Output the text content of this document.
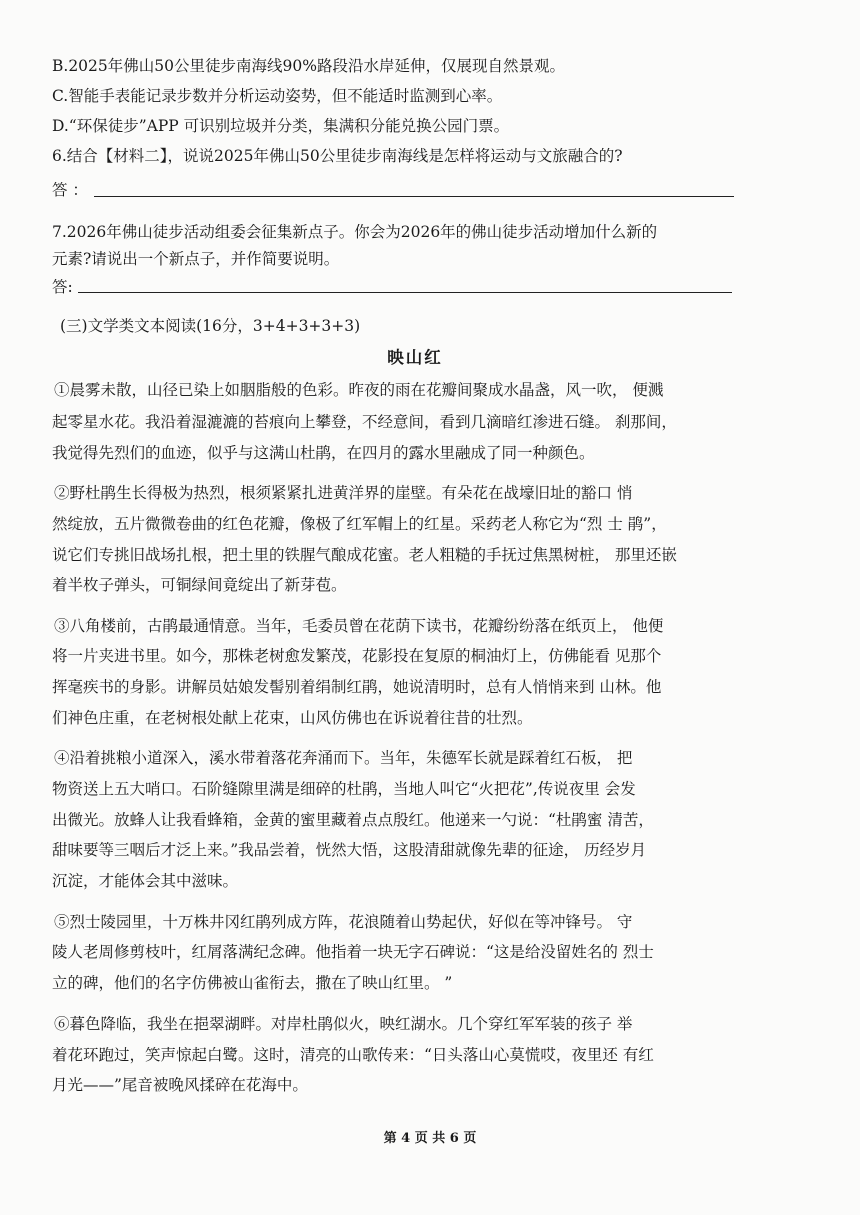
B.2025年佛山50公里徒步南海线90%路段沿水岸延伸，仅展现自然景观。
C.智能手表能记录步数并分析运动姿势，但不能适时监测到心率。
D.“环保徒步”APP 可识别垃圾并分类，集满积分能兑换公园门票。
6.结合【材料二】，说说2025年佛山50公里徒步南海线是怎样将运动与文旅融合的?
答 ：
7.2026年佛山徒步活动组委会征集新点子。你会为2026年的佛山徒步活动增加什么新的
元素?请说出一个新点子，并作简要说明。
答:
(三)文学类文本阅读(16分，3+4+3+3+3)
映山红
①晨雾未散，山径已染上如胭脂般的色彩。昨夜的雨在花瓣间聚成水晶盏，风一吹， 便溅
起零星水花。我沿着湿漉漉的苔痕向上攀登，不经意间，看到几滴暗红渗进石缝。 刹那间，
我觉得先烈们的血迹，似乎与这满山杜鹃，在四月的露水里融成了同一种颜色。
②野杜鹃生长得极为热烈，根须紧紧扎进黄洋界的崖壁。有朵花在战壕旧址的豁口 悄
然绽放，五片微微卷曲的红色花瓣，像极了红军帽上的红星。采药老人称它为“烈 士 鹃”，
说它们专挑旧战场扎根，把土里的铁腥气酿成花蜜。老人粗糙的手抚过焦黑树桩， 那里还嵌
着半枚子弹头，可铜绿间竟绽出了新芽苞。
③八角楼前，古鹃最通情意。当年，毛委员曾在花荫下读书，花瓣纷纷落在纸页上， 他便
将一片夹进书里。如今，那株老树愈发繁茂，花影投在复原的桐油灯上，仿佛能看 见那个
挥毫疾书的身影。讲解员姑娘发髻别着绢制红鹃，她说清明时，总有人悄悄来到 山林。他
们神色庄重，在老树根处献上花束，山风仿佛也在诉说着往昔的壮烈。
④沿着挑粮小道深入，溪水带着落花奔涌而下。当年，朱德军长就是踩着红石板， 把
物资送上五大哨口。石阶缝隙里满是细碎的杜鹃，当地人叫它“火把花”,传说夜里 会发
出微光。放蜂人让我看蜂箱，金黄的蜜里藏着点点殷红。他递来一勺说：“杜鹃蜜 清苦，
甜味要等三咽后才泛上来。”我品尝着，恍然大悟，这股清甜就像先辈的征途， 历经岁月
沉淀，才能体会其中滋味。
⑤烈士陵园里，十万株井冈红鹃列成方阵，花浪随着山势起伏，好似在等冲锋号。 守
陵人老周修剪枝叶，红屑落满纪念碑。他指着一块无字石碑说：“这是给没留姓名的 烈士
立的碑，他们的名字仿佛被山雀衔去，撒在了映山红里。 ”
⑥暮色降临，我坐在挹翠湖畔。对岸杜鹃似火，映红湖水。几个穿红军军装的孩子 举
着花环跑过，笑声惊起白鹭。这时，清亮的山歌传来：“日头落山心莫慌哎，夜里还 有红
月光——”尾音被晚风揉碎在花海中。
第 4 页 共 6 页
